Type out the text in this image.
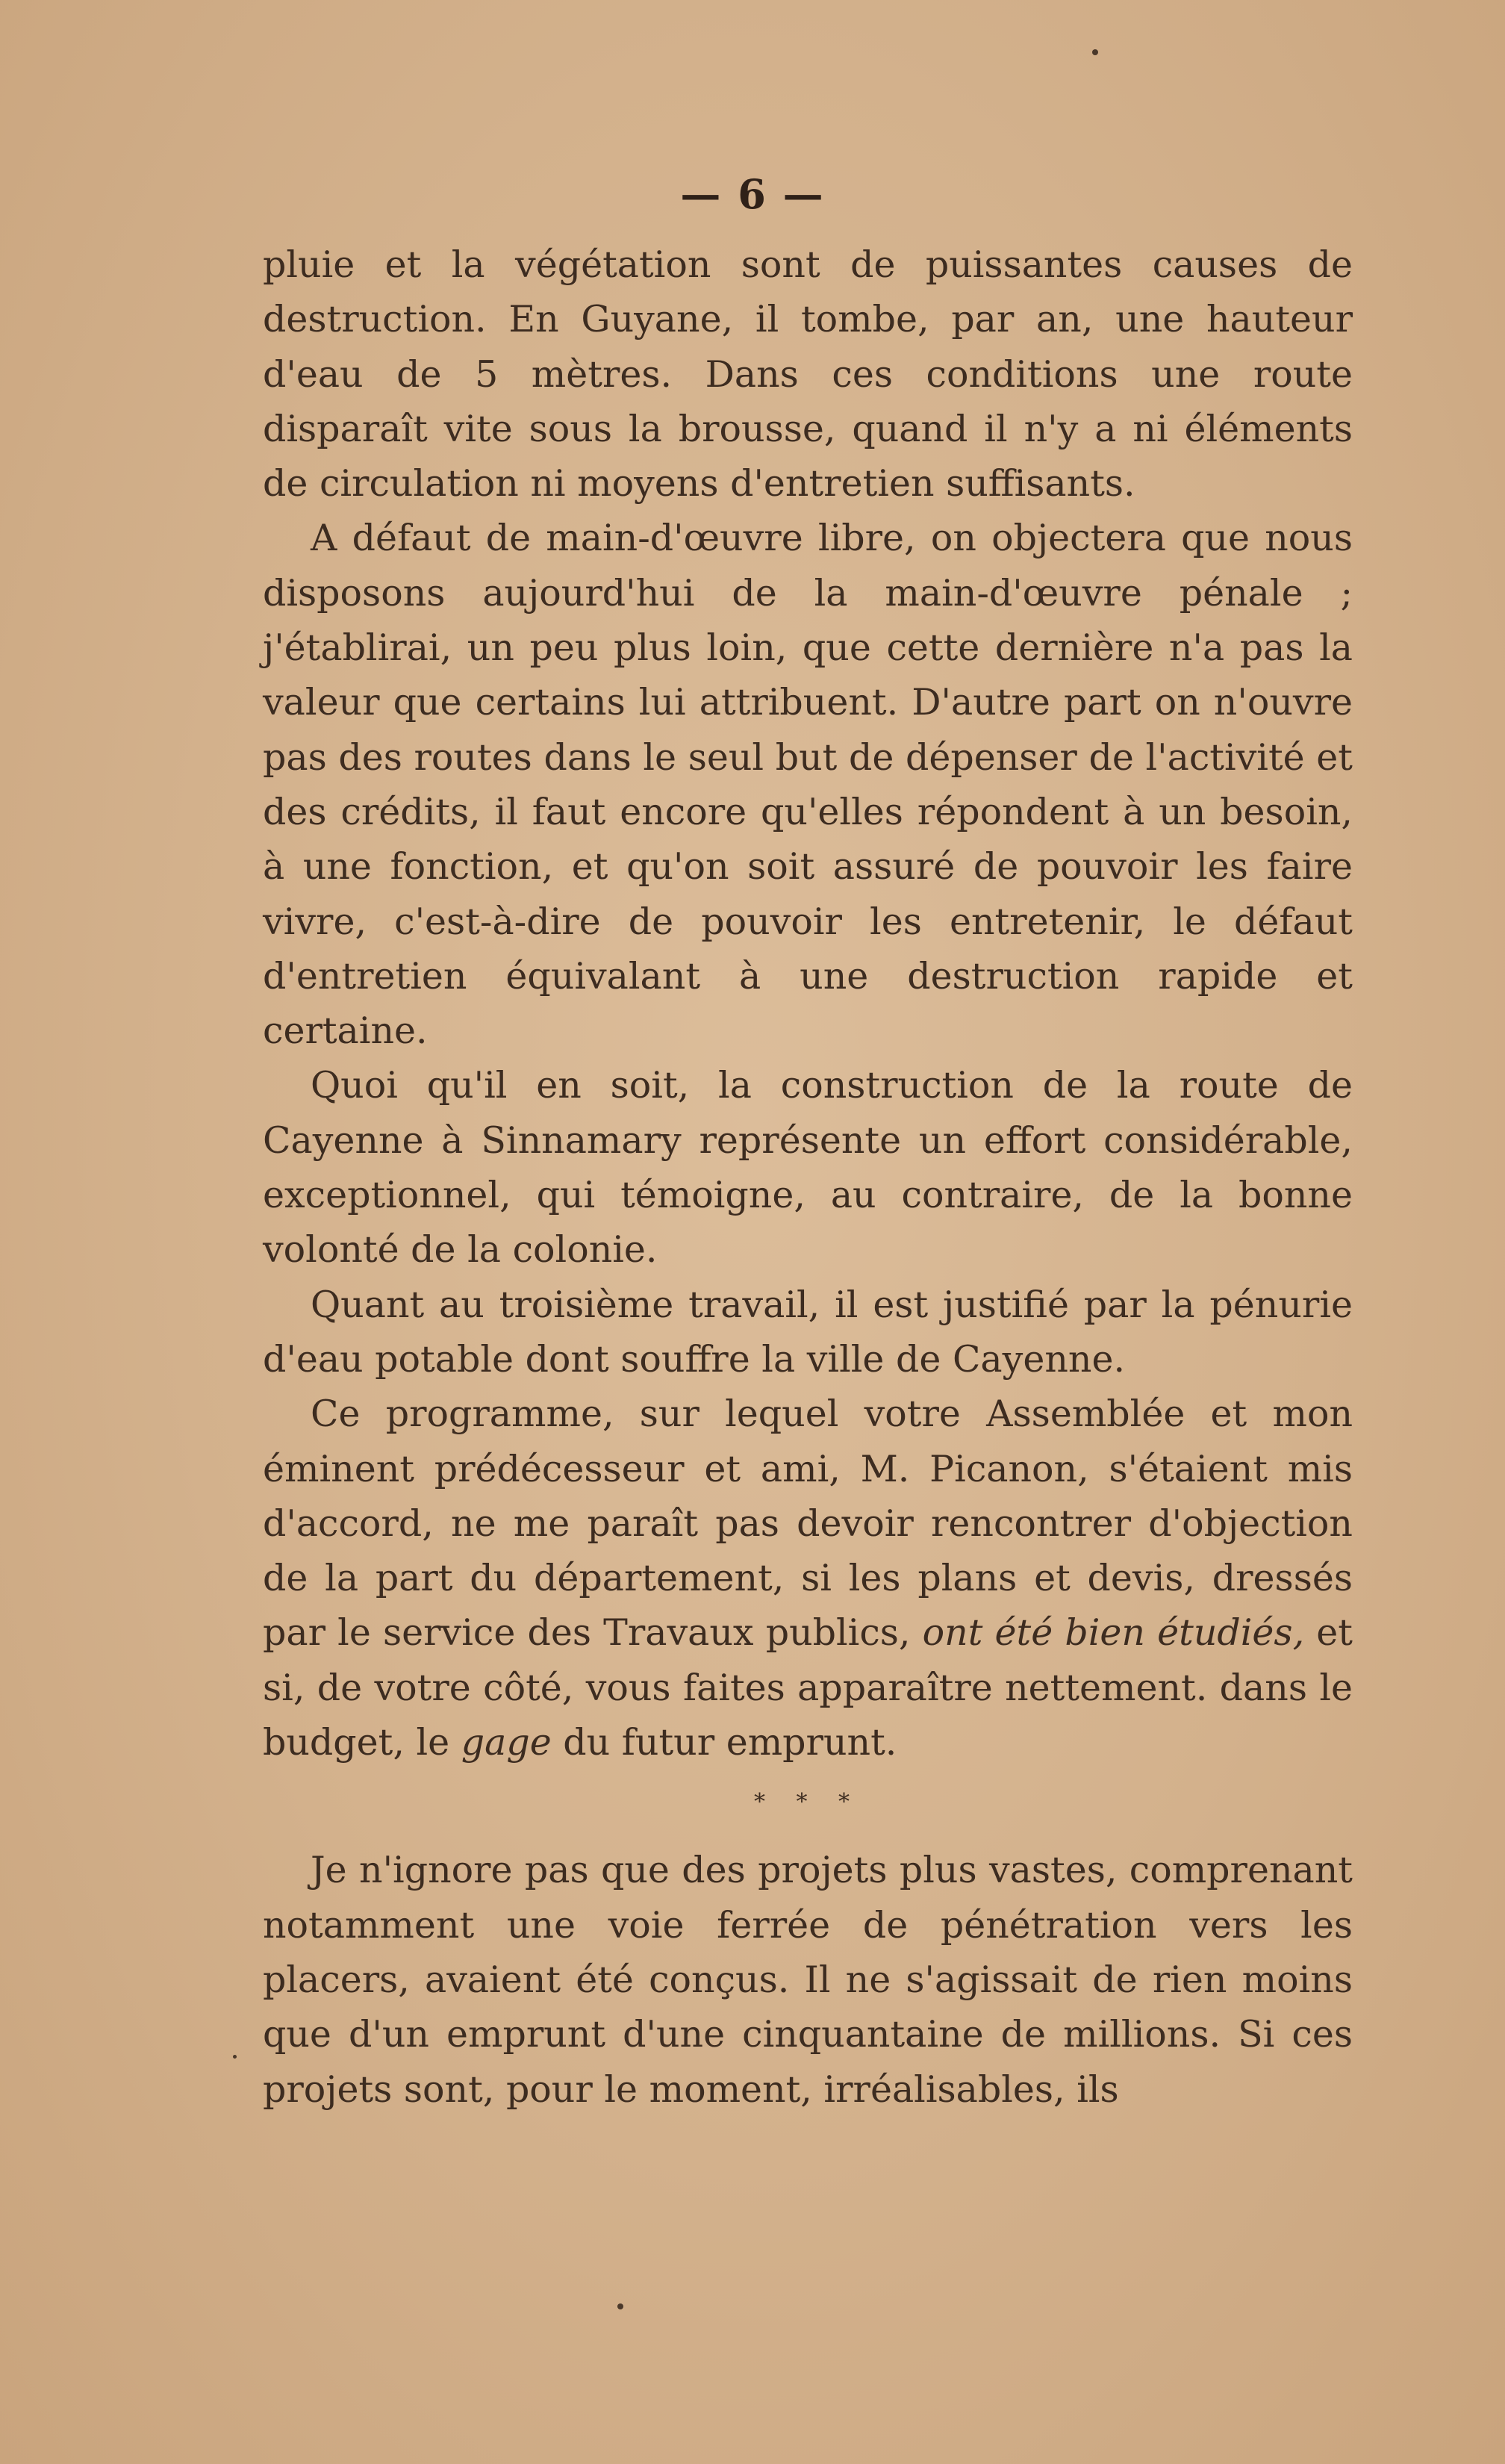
— 6 —

pluie et la végétation sont de puissantes causes de destruction. En Guyane, il tombe, par an, une hauteur d'eau de 5 mètres. Dans ces conditions une route disparaît vite sous la brousse, quand il n'y a ni éléments de circulation ni moyens d'entretien suffisants.

A défaut de main-d'œuvre libre, on objectera que nous disposons aujourd'hui de la main-d'œuvre pénale ; j'établirai, un peu plus loin, que cette dernière n'a pas la valeur que certains lui attribuent. D'autre part on n'ouvre pas des routes dans le seul but de dépenser de l'activité et des crédits, il faut encore qu'elles répondent à un besoin, à une fonction, et qu'on soit assuré de pouvoir les faire vivre, c'est-à-dire de pouvoir les entretenir, le défaut d'entretien équivalant à une destruction rapide et certaine.

Quoi qu'il en soit, la construction de la route de Cayenne à Sinnamary représente un effort considérable, exceptionnel, qui témoigne, au contraire, de la bonne volonté de la colonie.

Quant au troisième travail, il est justifié par la pénurie d'eau potable dont souffre la ville de Cayenne.

Ce programme, sur lequel votre Assemblée et mon éminent prédécesseur et ami, M. Picanon, s'étaient mis d'accord, ne me paraît pas devoir rencontrer d'objection de la part du département, si les plans et devis, dressés par le service des Travaux publics, ont été bien étudiés, et si, de votre côté, vous faites apparaître nettement. dans le budget, le gage du futur emprunt.

* * *

Je n'ignore pas que des projets plus vastes, comprenant notamment une voie ferrée de pénétration vers les placers, avaient été conçus. Il ne s'agissait de rien moins que d'un emprunt d'une cinquantaine de millions. Si ces projets sont, pour le moment, irréalisables, ils
